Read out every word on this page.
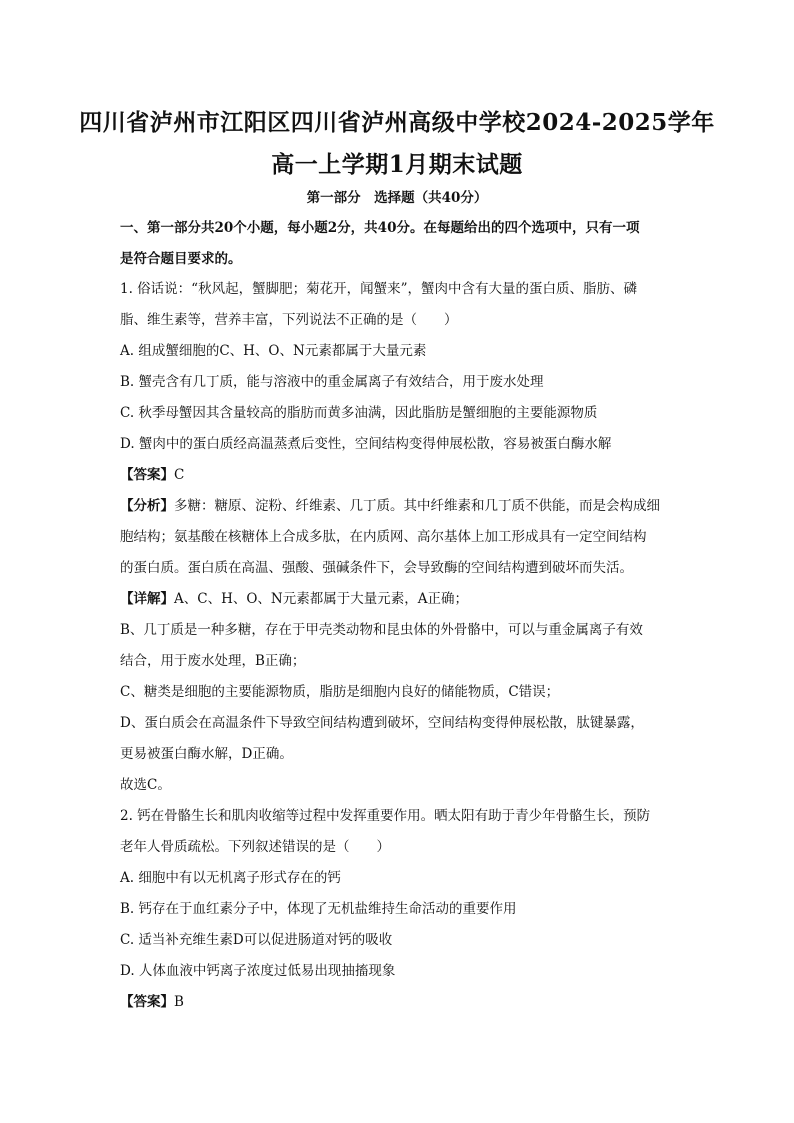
四川省泸州市江阳区四川省泸州高级中学校2024-2025学年
高一上学期1月期末试题
第一部分　选择题（共40分）
一、第一部分共20个小题，每小题2分，共40分。在每题给出的四个选项中，只有一项
是符合题目要求的。
1. 俗话说：“秋风起，蟹脚肥；菊花开，闻蟹来”，蟹肉中含有大量的蛋白质、脂肪、磷
脂、维生素等，营养丰富，下列说法不正确的是（　　）
A. 组成蟹细胞的C、H、O、N元素都属于大量元素
B. 蟹壳含有几丁质，能与溶液中的重金属离子有效结合，用于废水处理
C. 秋季母蟹因其含量较高的脂肪而黄多油满，因此脂肪是蟹细胞的主要能源物质
D. 蟹肉中的蛋白质经高温蒸煮后变性，空间结构变得伸展松散，容易被蛋白酶水解
【答案】C
【分析】多糖：糖原、淀粉、纤维素、几丁质。其中纤维素和几丁质不供能，而是会构成细
胞结构；氨基酸在核糖体上合成多肽，在内质网、高尔基体上加工形成具有一定空间结构
的蛋白质。蛋白质在高温、强酸、强碱条件下，会导致酶的空间结构遭到破坏而失活。
【详解】A、C、H、O、N元素都属于大量元素，A正确；
B、几丁质是一种多糖，存在于甲壳类动物和昆虫体的外骨骼中，可以与重金属离子有效
结合，用于废水处理，B正确；
C、糖类是细胞的主要能源物质，脂肪是细胞内良好的储能物质，C错误；
D、蛋白质会在高温条件下导致空间结构遭到破坏，空间结构变得伸展松散，肽键暴露，
更易被蛋白酶水解，D正确。
故选C。
2. 钙在骨骼生长和肌肉收缩等过程中发挥重要作用。晒太阳有助于青少年骨骼生长，预防
老年人骨质疏松。下列叙述错误的是（　　）
A. 细胞中有以无机离子形式存在的钙
B. 钙存在于血红素分子中，体现了无机盐维持生命活动的重要作用
C. 适当补充维生素D可以促进肠道对钙的吸收
D. 人体血液中钙离子浓度过低易出现抽搐现象
【答案】B
